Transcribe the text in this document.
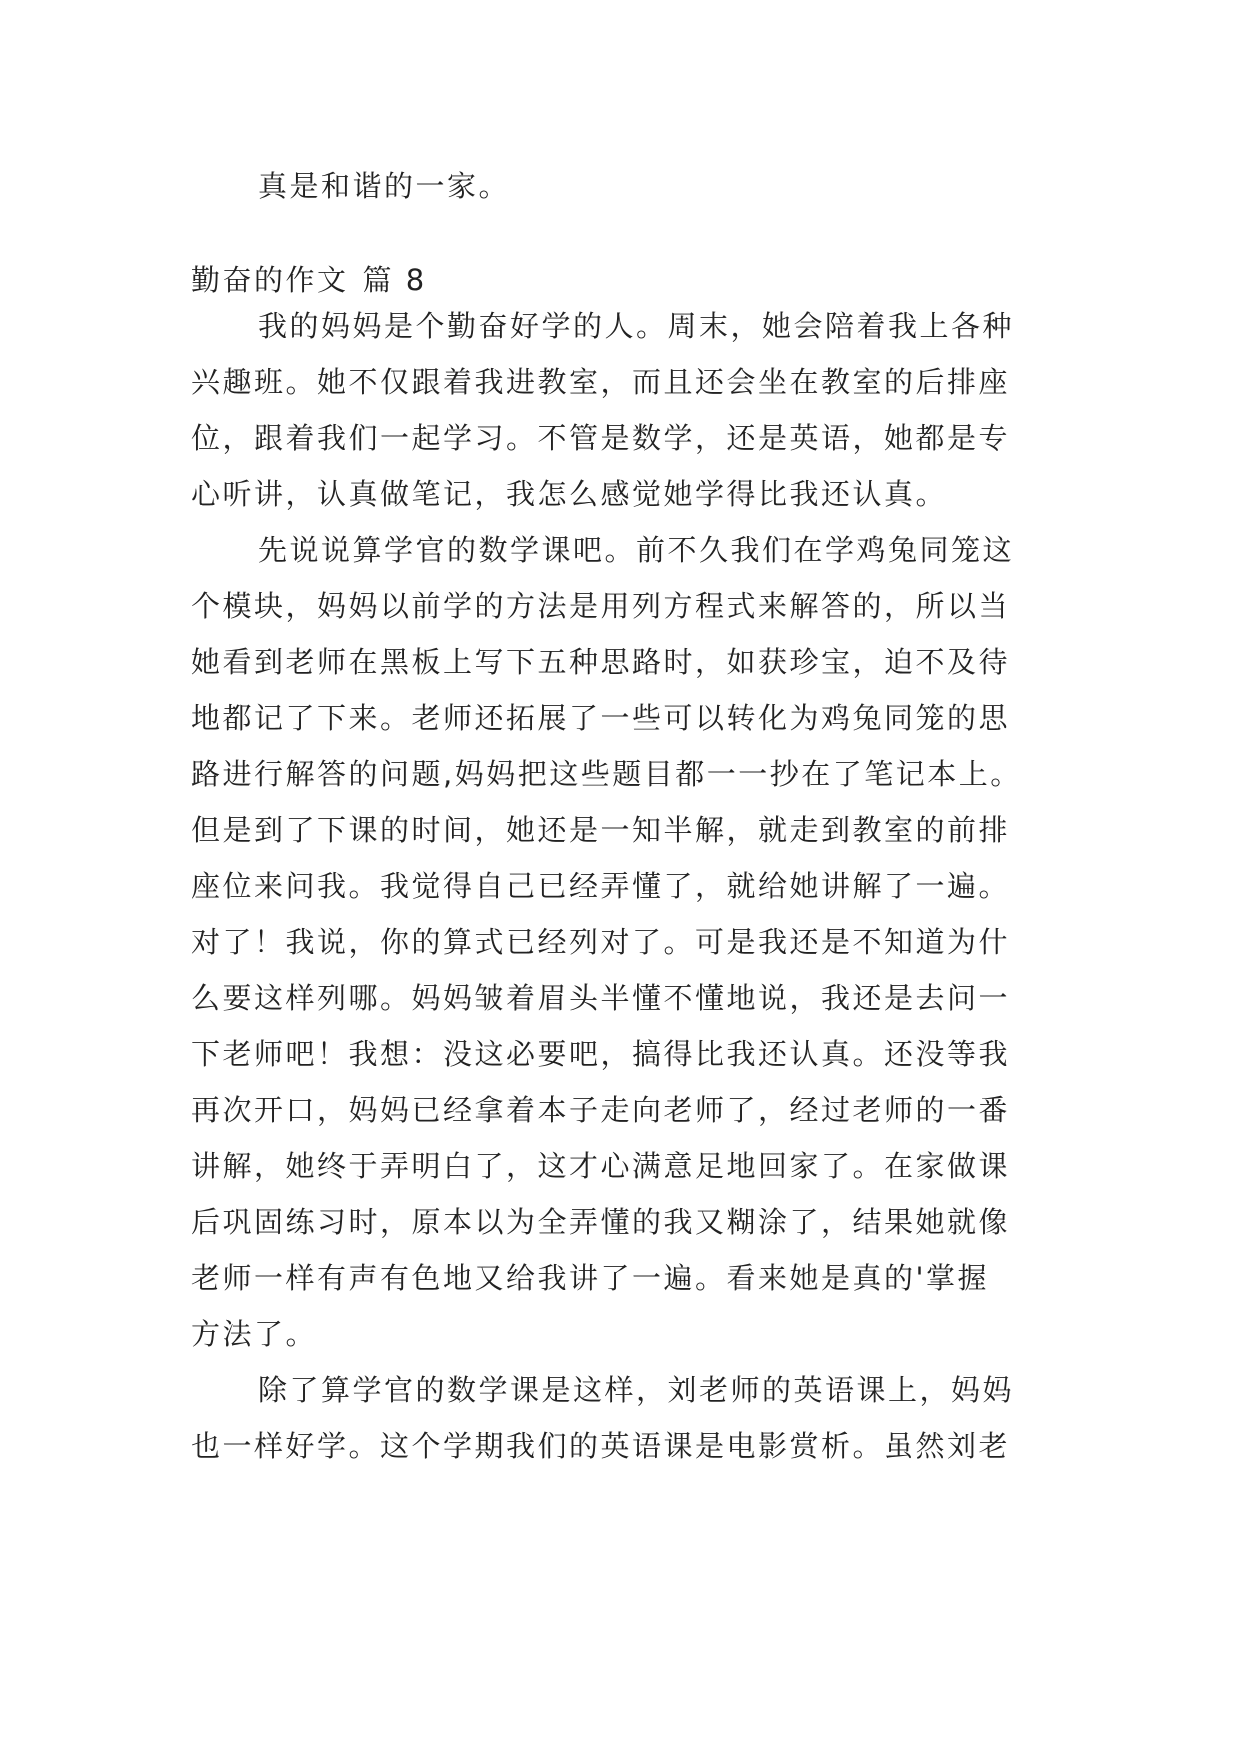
真是和谐的一家。

勤奋的作文 篇 8

我的妈妈是个勤奋好学的人。周末，她会陪着我上各种

兴趣班。她不仅跟着我进教室，而且还会坐在教室的后排座

位，跟着我们一起学习。不管是数学，还是英语，她都是专

心听讲，认真做笔记，我怎么感觉她学得比我还认真。

先说说算学官的数学课吧。前不久我们在学鸡兔同笼这

个模块，妈妈以前学的方法是用列方程式来解答的，所以当

她看到老师在黑板上写下五种思路时，如获珍宝，迫不及待

地都记了下来。老师还拓展了一些可以转化为鸡兔同笼的思

路进行解答的问题,妈妈把这些题目都一一抄在了笔记本上。

但是到了下课的时间，她还是一知半解，就走到教室的前排

座位来问我。我觉得自己已经弄懂了，就给她讲解了一遍。

对了！我说，你的算式已经列对了。可是我还是不知道为什

么要这样列哪。妈妈皱着眉头半懂不懂地说，我还是去问一

下老师吧！我想：没这必要吧，搞得比我还认真。还没等我

再次开口，妈妈已经拿着本子走向老师了，经过老师的一番

讲解，她终于弄明白了，这才心满意足地回家了。在家做课

后巩固练习时，原本以为全弄懂的我又糊涂了，结果她就像

老师一样有声有色地又给我讲了一遍。看来她是真的'掌握

方法了。

除了算学官的数学课是这样，刘老师的英语课上，妈妈

也一样好学。这个学期我们的英语课是电影赏析。虽然刘老
